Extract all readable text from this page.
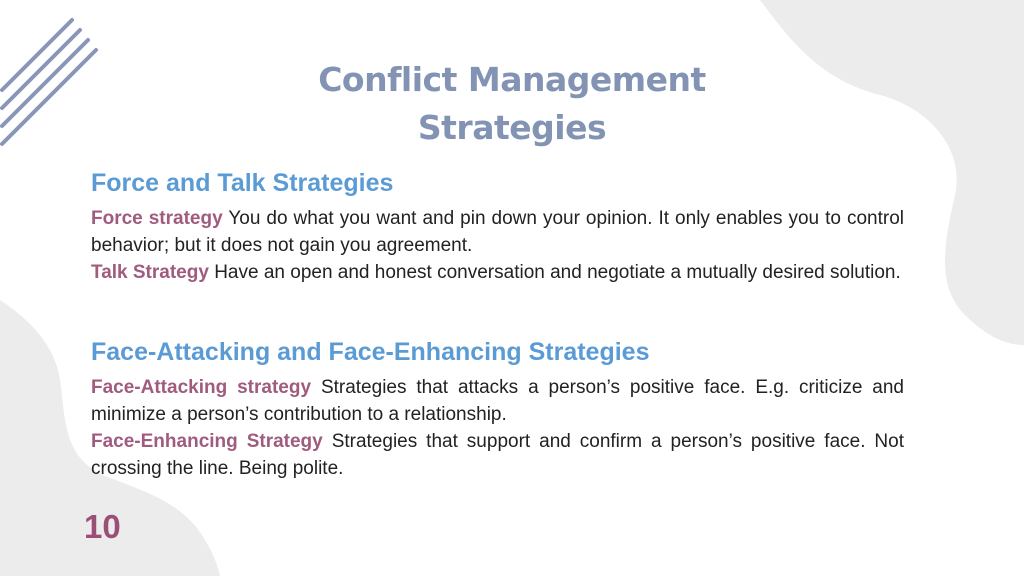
Conflict Management
Strategies
Force and Talk Strategies

Force strategy You do what you want and pin down your opinion. It only enables you to control behavior; but it does not gain you agreement.

Talk Strategy Have an open and honest conversation and negotiate a mutually desired solution.

Face-Attacking and Face-Enhancing Strategies

Face-Attacking strategy Strategies that attacks a person’s positive face. E.g. criticize and minimize a person’s contribution to a relationship.

Face-Enhancing Strategy Strategies that support and confirm a person’s positive face. Not crossing the line. Being polite.

10
